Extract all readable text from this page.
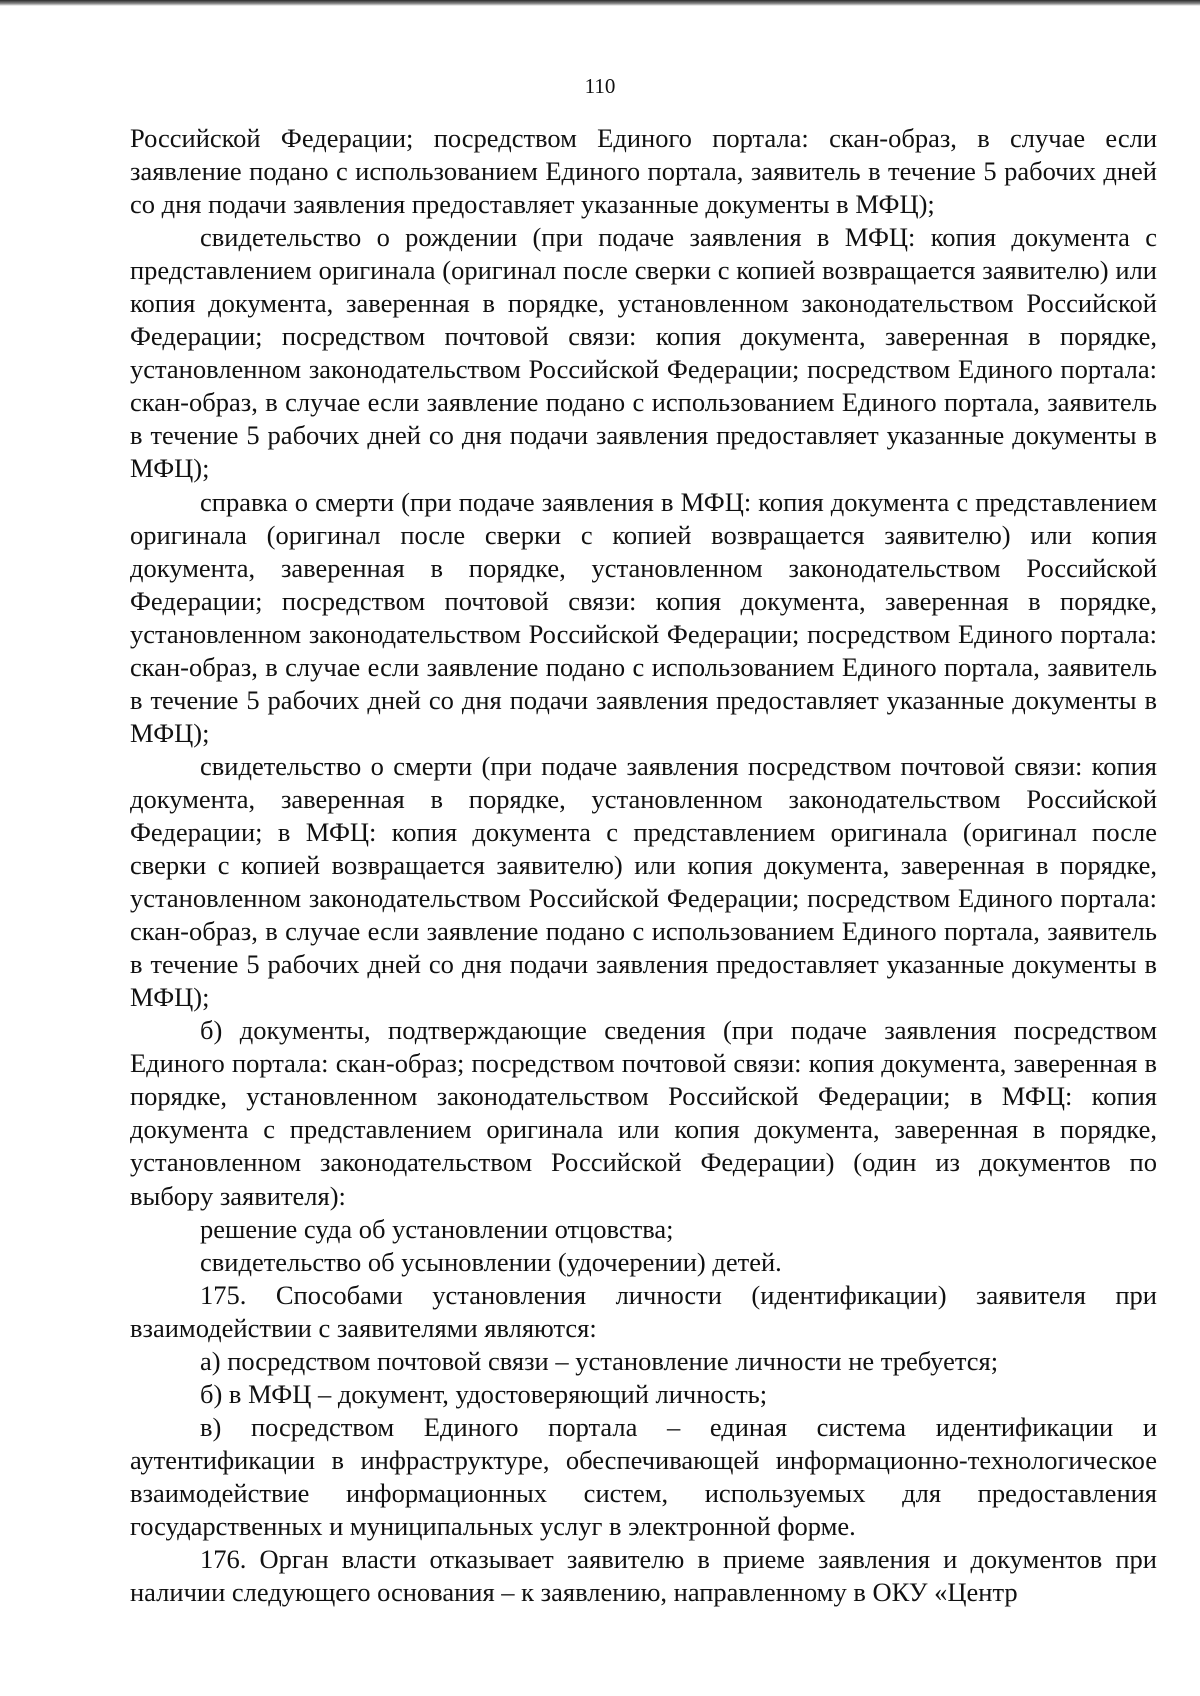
110

Российской Федерации; посредством Единого портала: скан-образ, в случае если заявление подано с использованием Единого портала, заявитель в течение 5 рабочих дней со дня подачи заявления предоставляет указанные документы в МФЦ);

свидетельство о рождении (при подаче заявления в МФЦ: копия документа с представлением оригинала (оригинал после сверки с копией возвращается заявителю) или копия документа, заверенная в порядке, установленном законодательством Российской Федерации; посредством почтовой связи: копия документа, заверенная в порядке, установленном законодательством Российской Федерации; посредством Единого портала: скан-образ, в случае если заявление подано с использованием Единого портала, заявитель в течение 5 рабочих дней со дня подачи заявления предоставляет указанные документы в МФЦ);

справка о смерти (при подаче заявления в МФЦ: копия документа с представлением оригинала (оригинал после сверки с копией возвращается заявителю) или копия документа, заверенная в порядке, установленном законодательством Российской Федерации; посредством почтовой связи: копия документа, заверенная в порядке, установленном законодательством Российской Федерации; посредством Единого портала: скан-образ, в случае если заявление подано с использованием Единого портала, заявитель в течение 5 рабочих дней со дня подачи заявления предоставляет указанные документы в МФЦ);

свидетельство о смерти (при подаче заявления посредством почтовой связи: копия документа, заверенная в порядке, установленном законодательством Российской Федерации; в МФЦ: копия документа с представлением оригинала (оригинал после сверки с копией возвращается заявителю) или копия документа, заверенная в порядке, установленном законодательством Российской Федерации; посредством Единого портала: скан-образ, в случае если заявление подано с использованием Единого портала, заявитель в течение 5 рабочих дней со дня подачи заявления предоставляет указанные документы в МФЦ);

б) документы, подтверждающие сведения (при подаче заявления посредством Единого портала: скан-образ; посредством почтовой связи: копия документа, заверенная в порядке, установленном законодательством Российской Федерации; в МФЦ: копия документа с представлением оригинала или копия документа, заверенная в порядке, установленном законодательством Российской Федерации) (один из документов по выбору заявителя):

решение суда об установлении отцовства;

свидетельство об усыновлении (удочерении) детей.

175. Способами установления личности (идентификации) заявителя при взаимодействии с заявителями являются:

а) посредством почтовой связи – установление личности не требуется;

б) в МФЦ – документ, удостоверяющий личность;

в) посредством Единого портала – единая система идентификации и аутентификации в инфраструктуре, обеспечивающей информационно-технологическое взаимодействие информационных систем, используемых для предоставления государственных и муниципальных услуг в электронной форме.

176. Орган власти отказывает заявителю в приеме заявления и документов при наличии следующего основания – к заявлению, направленному в ОКУ «Центр
